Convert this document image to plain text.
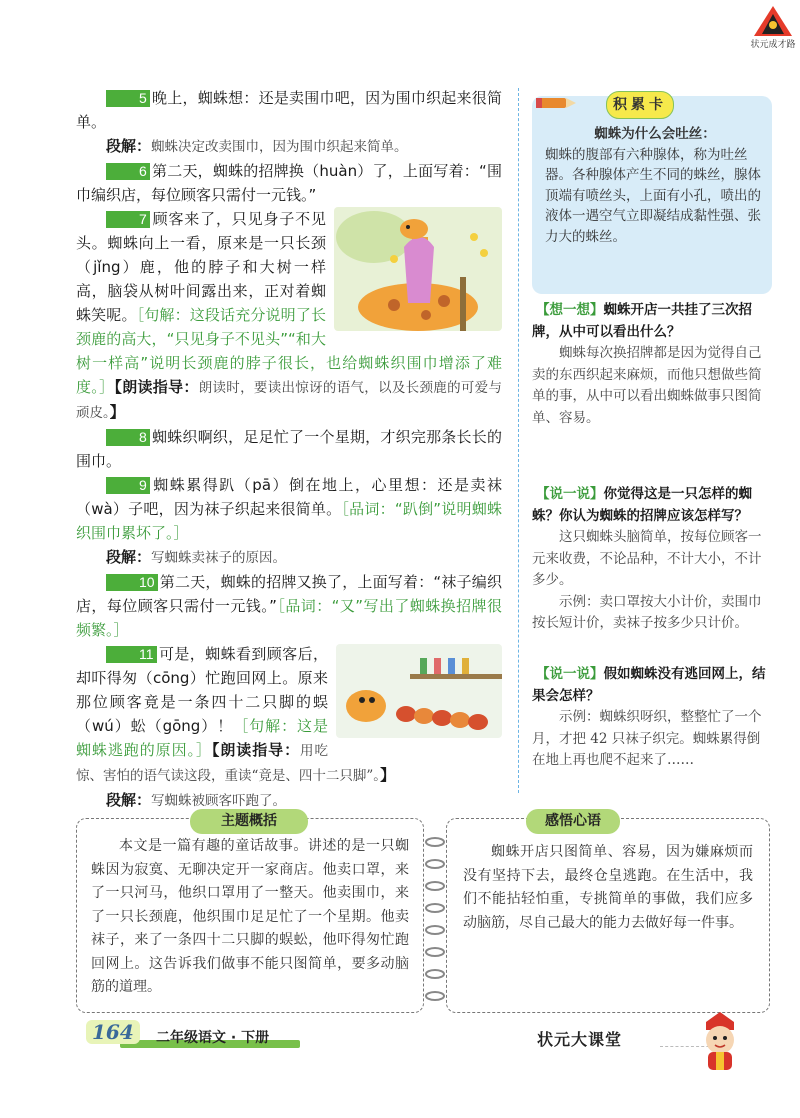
状元成才路

5 晚上，蜘蛛想：还是卖围巾吧，因为围巾织起来很简单。

段解：蜘蛛决定改卖围巾，因为围巾织起来简单。

6 第二天，蜘蛛的招牌换（huàn）了，上面写着：“围巾编织店，每位顾客只需付一元钱。”

7 顾客来了，只见身子不见头。蜘蛛向上一看，原来是一只长颈（jǐng）鹿，他的脖子和大树一样高，脑袋从树叶间露出来，正对着蜘蛛笑呢。［句解：这段话充分说明了长颈鹿的高大，“只见身子不见头”“和大树一样高”说明长颈鹿的脖子很长，也给蜘蛛织围巾增添了难度。］【朗读指导：朗读时，要读出惊讶的语气，以及长颈鹿的可爱与顽皮。】

8 蜘蛛织啊织，足足忙了一个星期，才织完那条长长的围巾。

9 蜘蛛累得趴（pā）倒在地上，心里想：还是卖袜（wà）子吧，因为袜子织起来很简单。［品词：“趴倒”说明蜘蛛织围巾累坏了。］

段解：写蜘蛛卖袜子的原因。

10 第二天，蜘蛛的招牌又换了，上面写着：“袜子编织店，每位顾客只需付一元钱。”［品词：“又”写出了蜘蛛换招牌很频繁。］

11 可是，蜘蛛看到顾客后，却吓得匆（cōng）忙跑回网上。原来那位顾客竟是一条四十二只脚的蜈（wú）蚣（gōng）！［句解：这是蜘蛛逃跑的原因。］【朗读指导：用吃惊、害怕的语气读这段，重读“竟是、四十二只脚”。】

段解：写蜘蛛被顾客吓跑了。

积累卡
蜘蛛为什么会吐丝：
蜘蛛的腹部有六种腺体，称为吐丝器。各种腺体产生不同的蛛丝，腺体顶端有喷丝头，上面有小孔，喷出的液体一遇空气立即凝结成黏性强、张力大的蛛丝。
【想一想】蜘蛛开店一共挂了三次招牌，从中可以看出什么？

蜘蛛每次换招牌都是因为觉得自己卖的东西织起来麻烦，而他只想做些简单的事，从中可以看出蜘蛛做事只图简单、容易。

【说一说】你觉得这是一只怎样的蜘蛛？你认为蜘蛛的招牌应该怎样写？

这只蜘蛛头脑简单，按每位顾客一元来收费，不论品种，不计大小，不计多少。

示例：卖口罩按大小计价，卖围巾按长短计价，卖袜子按多少只计价。

【说一说】假如蜘蛛没有逃回网上，结果会怎样？

示例：蜘蛛织呀织，整整忙了一个月，才把 42 只袜子织完。蜘蛛累得倒在地上再也爬不起来了……

本文是一篇有趣的童话故事。讲述的是一只蜘蛛因为寂寞、无聊决定开一家商店。他卖口罩，来了一只河马，他织口罩用了一整天。他卖围巾，来了一只长颈鹿，他织围巾足足忙了一个星期。他卖袜子，来了一条四十二只脚的蜈蚣，他吓得匆忙跑回网上。这告诉我们做事不能只图简单，要多动脑筋的道理。

主题概括

蜘蛛开店只图简单、容易，因为嫌麻烦而没有坚持下去，最终仓皇逃跑。在生活中，我们不能拈轻怕重，专挑简单的事做，我们应多动脑筋，尽自己最大的能力去做好每一件事。

感悟心语
164	二年级语文 · 下册	状元大课堂
